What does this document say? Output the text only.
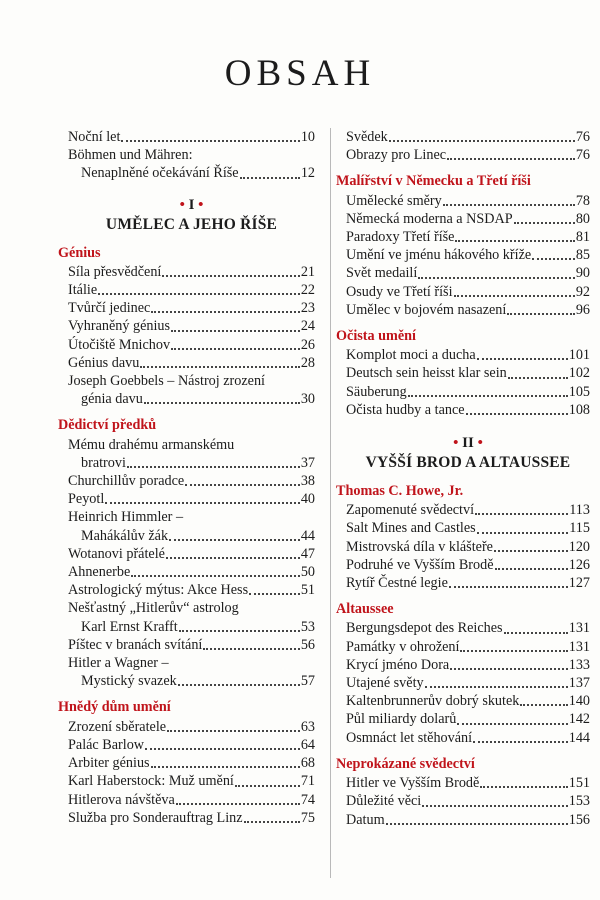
OBSAH
Noční let	10
Böhmen und Mähren:
Nenaplněné očekávání Říše	12
• I •
UMĚLEC A JEHO ŘÍŠE
Génius
Síla přesvědčení	21
Itálie	22
Tvůrčí jedinec	23
Vyhraněný génius	24
Útočiště Mnichov	26
Génius davu	28
Joseph Goebbels – Nástroj zrození
génia davu	30
Dědictví předků
Mému drahému armanskému
bratrovi	37
Churchillův poradce	38
Peyotl	40
Heinrich Himmler –
Mahákálův žák	44
Wotanovi přátelé	47
Ahnenerbe	50
Astrologický mýtus: Akce Hess	51
Nešťastný „Hitlerův“ astrolog
Karl Ernst Krafft	53
Píštec v branách svítání	56
Hitler a Wagner –
Mystický svazek	57
Hnědý dům umění
Zrození sběratele	63
Palác Barlow	64
Arbiter génius	68
Karl Haberstock: Muž umění	71
Hitlerova návštěva	74
Služba pro Sonderauftrag Linz	75
Svědek	76
Obrazy pro Linec	76
Malířství v Německu a Třetí říši
Umělecké směry	78
Německá moderna a NSDAP	80
Paradoxy Třetí říše	81
Umění ve jménu hákového kříže	85
Svět medailí	90
Osudy ve Třetí říši	92
Umělec v bojovém nasazení	96
Očista umění
Komplot moci a ducha	101
Deutsch sein heisst klar sein	102
Säuberung	105
Očista hudby a tance	108
• II •
VYŠŠÍ BROD A ALTAUSSEE
Thomas C. Howe, Jr.
Zapomenuté svědectví	113
Salt Mines and Castles	115
Mistrovská díla v klášteře	120
Podruhé ve Vyšším Brodě	126
Rytíř Čestné legie	127
Altaussee
Bergungsdepot des Reiches	131
Památky v ohrožení	131
Krycí jméno Dora	133
Utajené světy	137
Kaltenbrunnerův dobrý skutek	140
Půl miliardy dolarů	142
Osmnáct let stěhování	144
Neprokázané svědectví
Hitler ve Vyšším Brodě	151
Důležité věci	153
Datum	156
